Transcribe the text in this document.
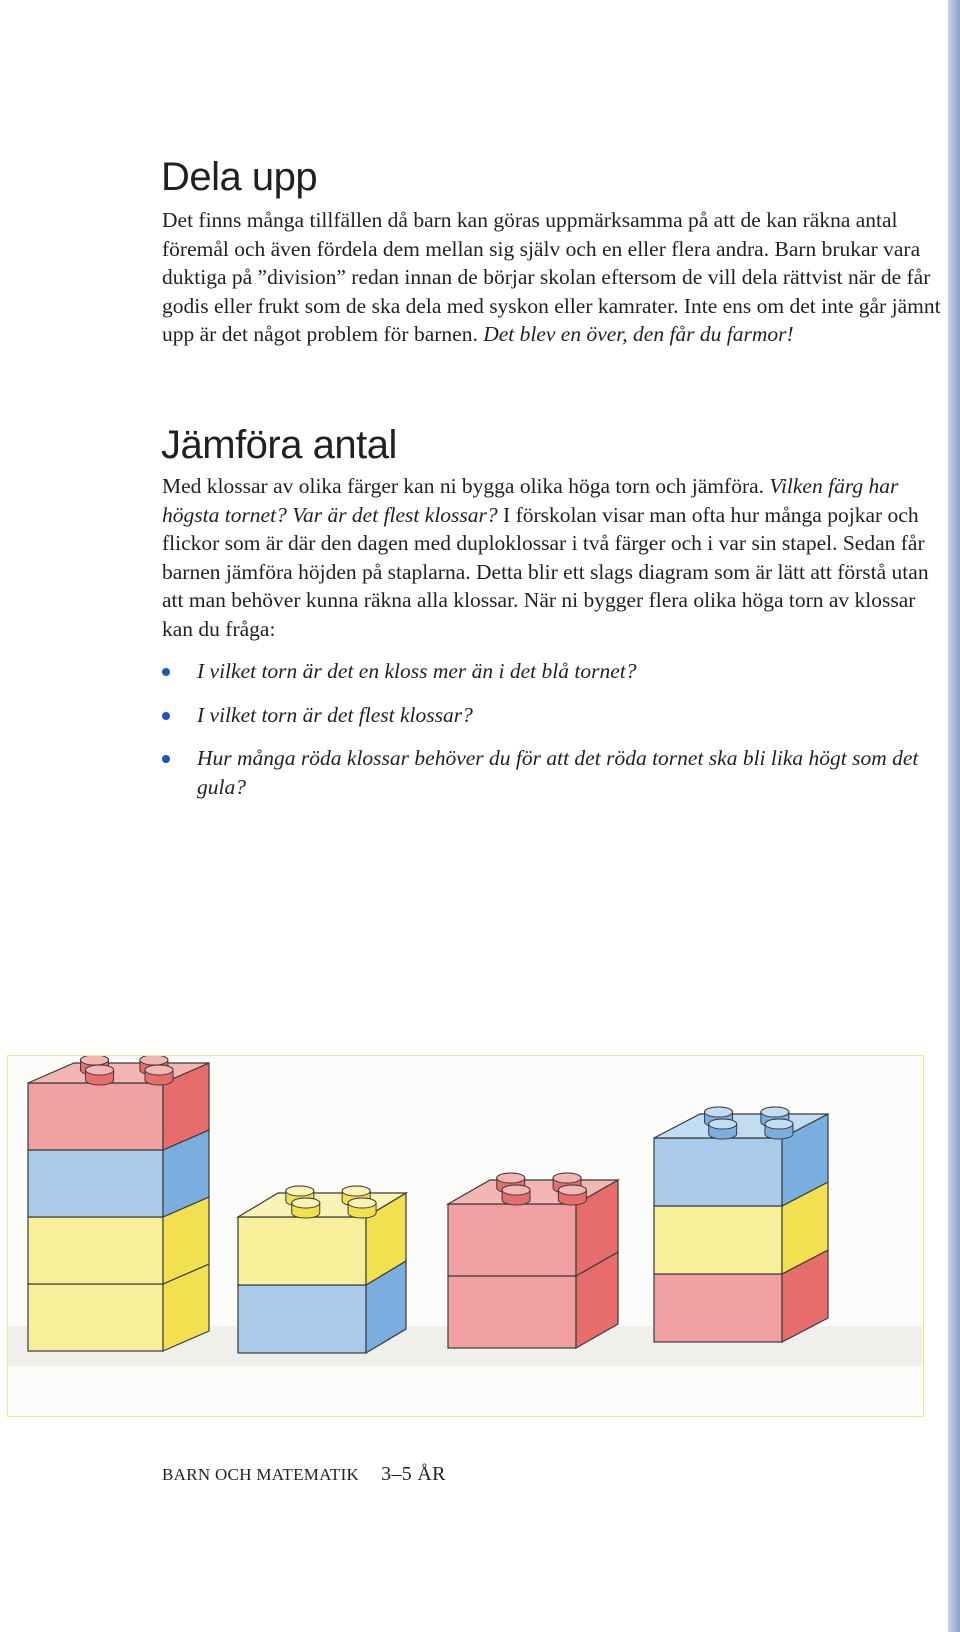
Dela upp

Det finns många tillfällen då barn kan göras uppmärksamma på att de kan räkna antal föremål och även fördela dem mellan sig själv och en eller flera andra. Barn brukar vara duktiga på ”division” redan innan de börjar skolan eftersom de vill dela rättvist när de får godis eller frukt som de ska dela med syskon eller kamrater. Inte ens om det inte går jämnt upp är det något problem för barnen. Det blev en över, den får du farmor!

Jämföra antal

Med klossar av olika färger kan ni bygga olika höga torn och jämföra. Vilken färg har högsta tornet? Var är det flest klossar? I förskolan visar man ofta hur många pojkar och flickor som är där den dagen med duploklossar i två färger och i var sin stapel. Sedan får barnen jämföra höjden på staplarna. Detta blir ett slags diagram som är lätt att förstå utan att man behöver kunna räkna alla klossar. När ni bygger flera olika höga torn av klossar kan du fråga:

I vilket torn är det en kloss mer än i det blå tornet?
I vilket torn är det flest klossar?
Hur många röda klossar behöver du för att det röda tornet ska bli lika högt som det gula?
BARN OCH MATEMATIK 3–5 ÅR
